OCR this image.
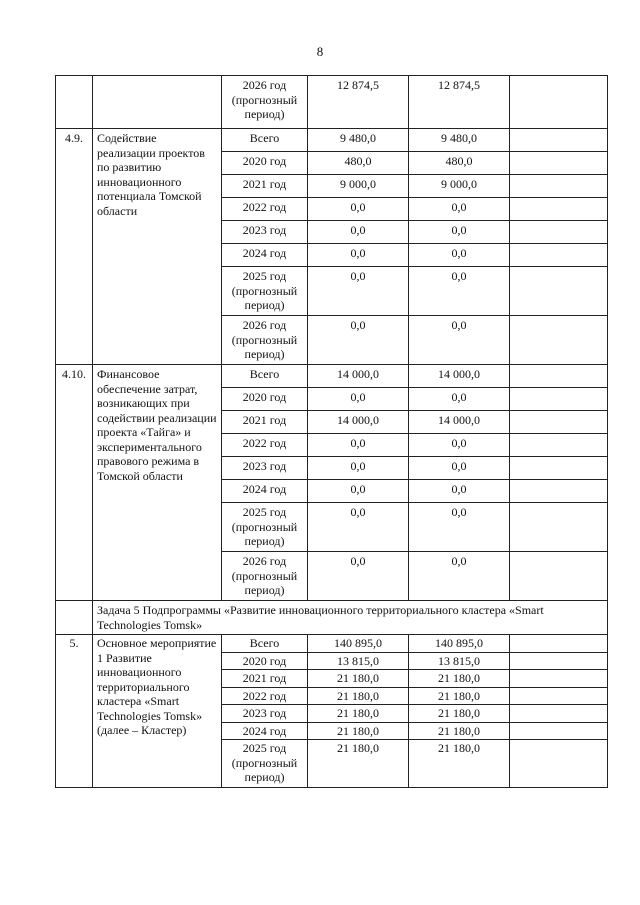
8
		2026 год (прогнозный период)	12 874,5	12 874,5	
4.9.	Содействие реализации проектов по развитию инновационного потенциала Томской области	Всего	9 480,0	9 480,0	
		2020 год	480,0	480,0	
		2021 год	9 000,0	9 000,0	
		2022 год	0,0	0,0	
		2023 год	0,0	0,0	
		2024 год	0,0	0,0	
		2025 год (прогнозный период)	0,0	0,0	
		2026 год (прогнозный период)	0,0	0,0	
4.10.	Финансовое обеспечение затрат, возникающих при содействии реализации проекта «Тайга» и экспериментального правового режима в Томской области	Всего	14 000,0	14 000,0	
		2020 год	0,0	0,0	
		2021 год	14 000,0	14 000,0	
		2022 год	0,0	0,0	
		2023 год	0,0	0,0	
		2024 год	0,0	0,0	
		2025 год (прогнозный период)	0,0	0,0	
		2026 год (прогнозный период)	0,0	0,0	
	Задача 5 Подпрограммы «Развитие инновационного территориального кластера «Smart Technologies Tomsk»				
5.	Основное мероприятие 1 Развитие инновационного территориального кластера «Smart Technologies Tomsk» (далее – Кластер)	Всего	140 895,0	140 895,0	
		2020 год	13 815,0	13 815,0	
		2021 год	21 180,0	21 180,0	
		2022 год	21 180,0	21 180,0	
		2023 год	21 180,0	21 180,0	
		2024 год	21 180,0	21 180,0	
		2025 год (прогнозный период)	21 180,0	21 180,0	
